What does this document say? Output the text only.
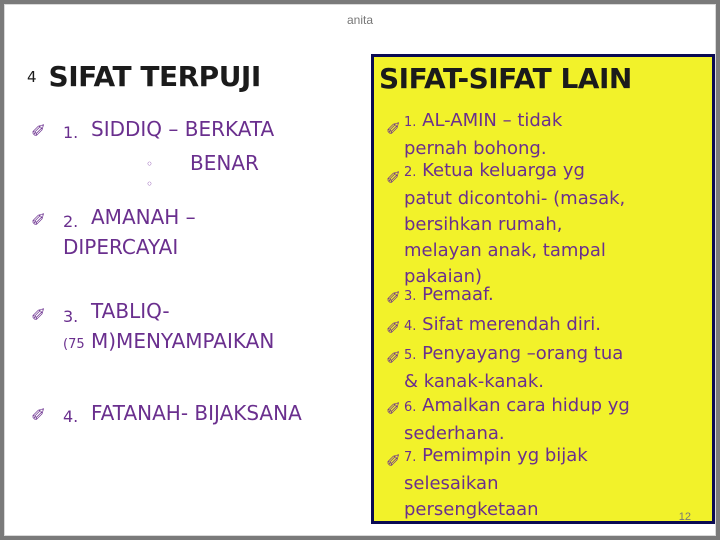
anita
4 SIFAT TERPUJI	SIFAT-SIFAT LAIN
✐ 1. SIDDIQ – BERKATA
◦ BENAR
◦
✐ 2. AMANAH –
DIPERCAYAI
✐ 3. TABLIQ-
(75 M)MENYAMPAIKAN
✐ 4. FATANAH- BIJAKSANA
✐ 1. AL-AMIN – tidak
pernah bohong.
✐ 2. Ketua keluarga yg
patut dicontohi- (masak,
bersihkan rumah,
melayan anak, tampal
pakaian)
✐ 3. Pemaaf.
✐ 4. Sifat merendah diri.
✐ 5. Penyayang –orang tua
& kanak-kanak.
✐ 6. Amalkan cara hidup yg
sederhana.
✐ 7. Pemimpin yg bijak
selesaikan
persengketaan	12
